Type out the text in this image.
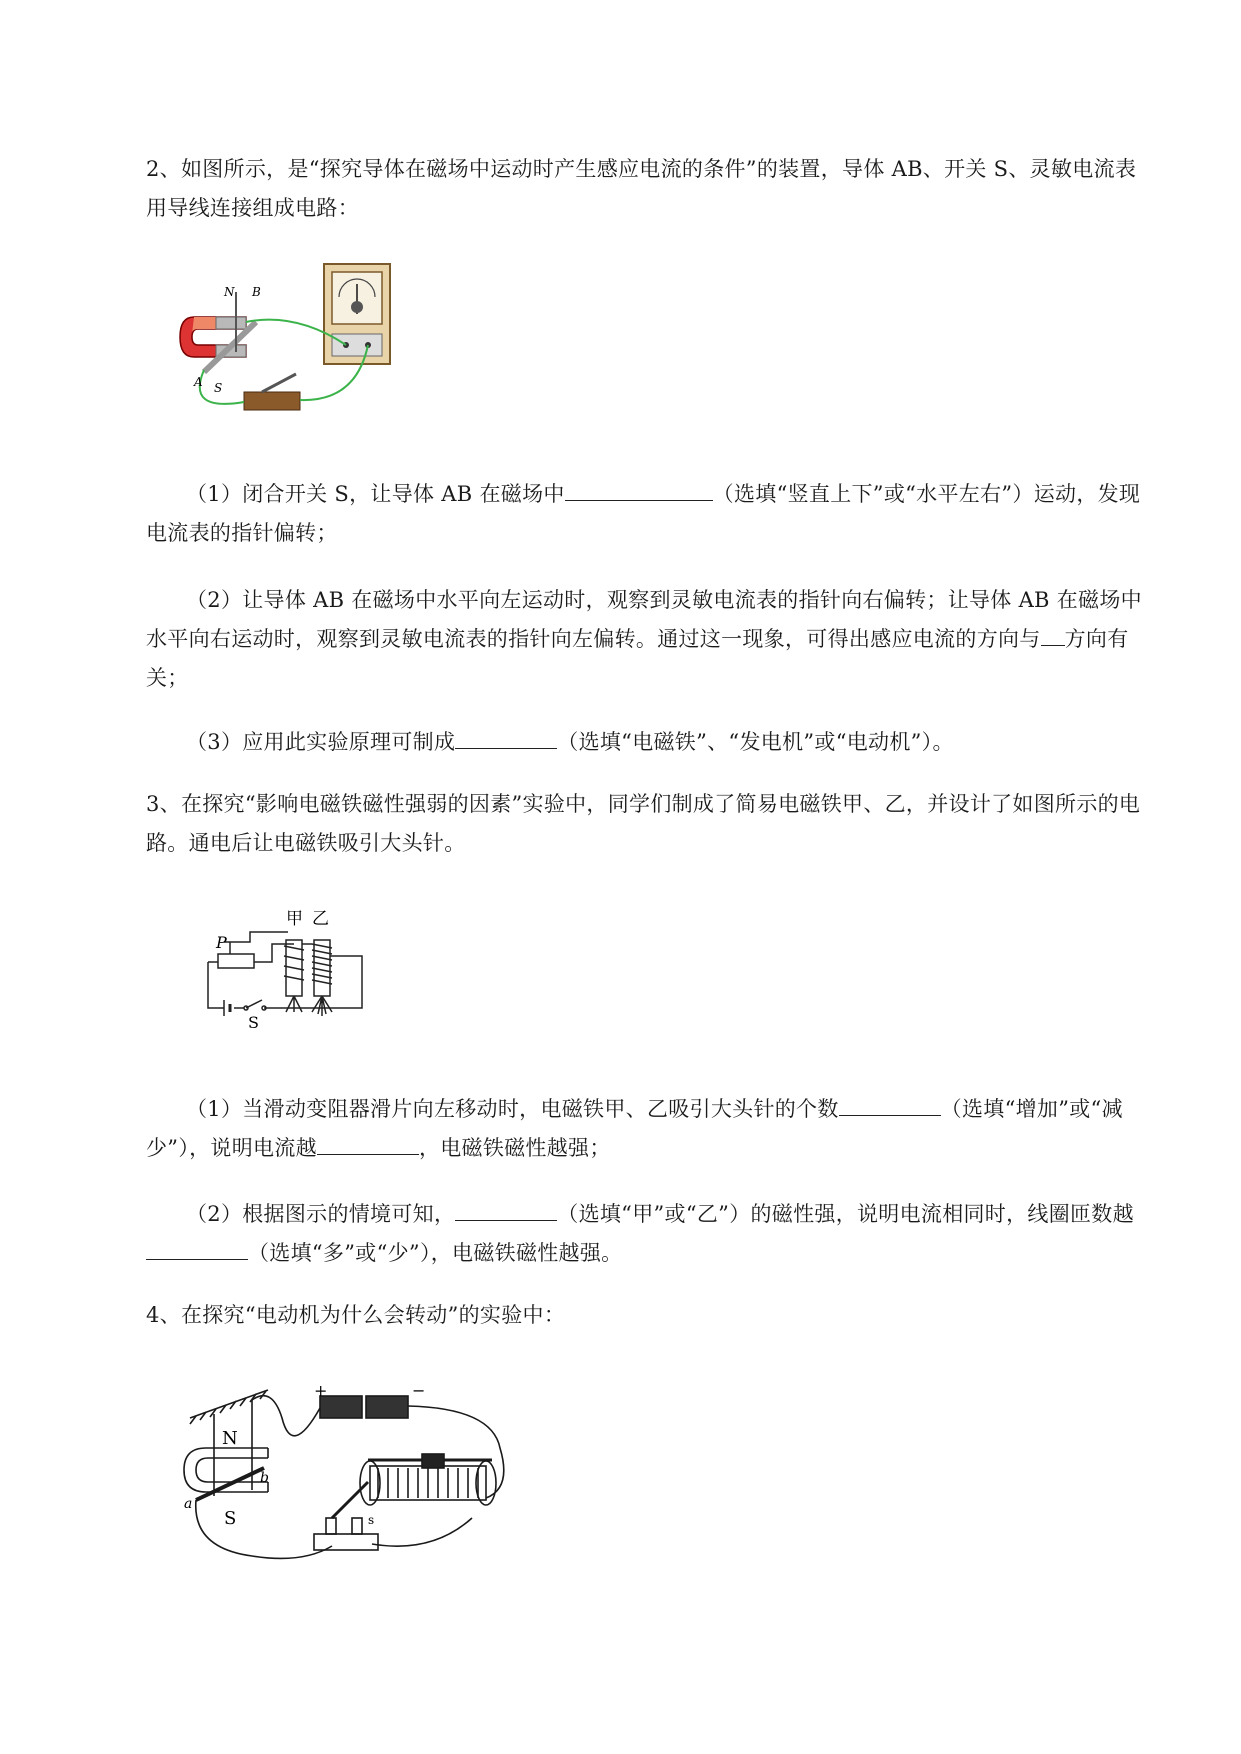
2、如图所示，是“探究导体在磁场中运动时产生感应电流的条件”的装置，导体 AB、开关 S、灵敏电流表用导线连接组成电路：

N B
S
A

（1）闭合开关 S，让导体 AB 在磁场中	（选填“竖直上下”或“水平左右”）运动，发现电流表的指针偏转；

（2）让导体 AB 在磁场中水平向左运动时，观察到灵敏电流表的指针向右偏转；让导体 AB 在磁场中水平向右运动时，观察到灵敏电流表的指针向左偏转。通过这一现象，可得出感应电流的方向与 方向有关；

（3）应用此实验原理可制成	（选填“电磁铁”、“发电机”或“电动机”）。

3、在探究“影响电磁铁磁性强弱的因素”实验中，同学们制成了简易电磁铁甲、乙，并设计了如图所示的电路。通电后让电磁铁吸引大头针。

甲 乙
P
S

（1）当滑动变阻器滑片向左移动时，电磁铁甲、乙吸引大头针的个数	（选填“增加”或“减少”），说明电流越	，电磁铁磁性越强；

（2）根据图示的情境可知，	（选填“甲”或“乙”）的磁性强，说明电流相同时，线圈匝数越（选填“多”或“少”），电磁铁磁性越强。

4、在探究“电动机为什么会转动”的实验中：

+	−
N
S
a
b
s
